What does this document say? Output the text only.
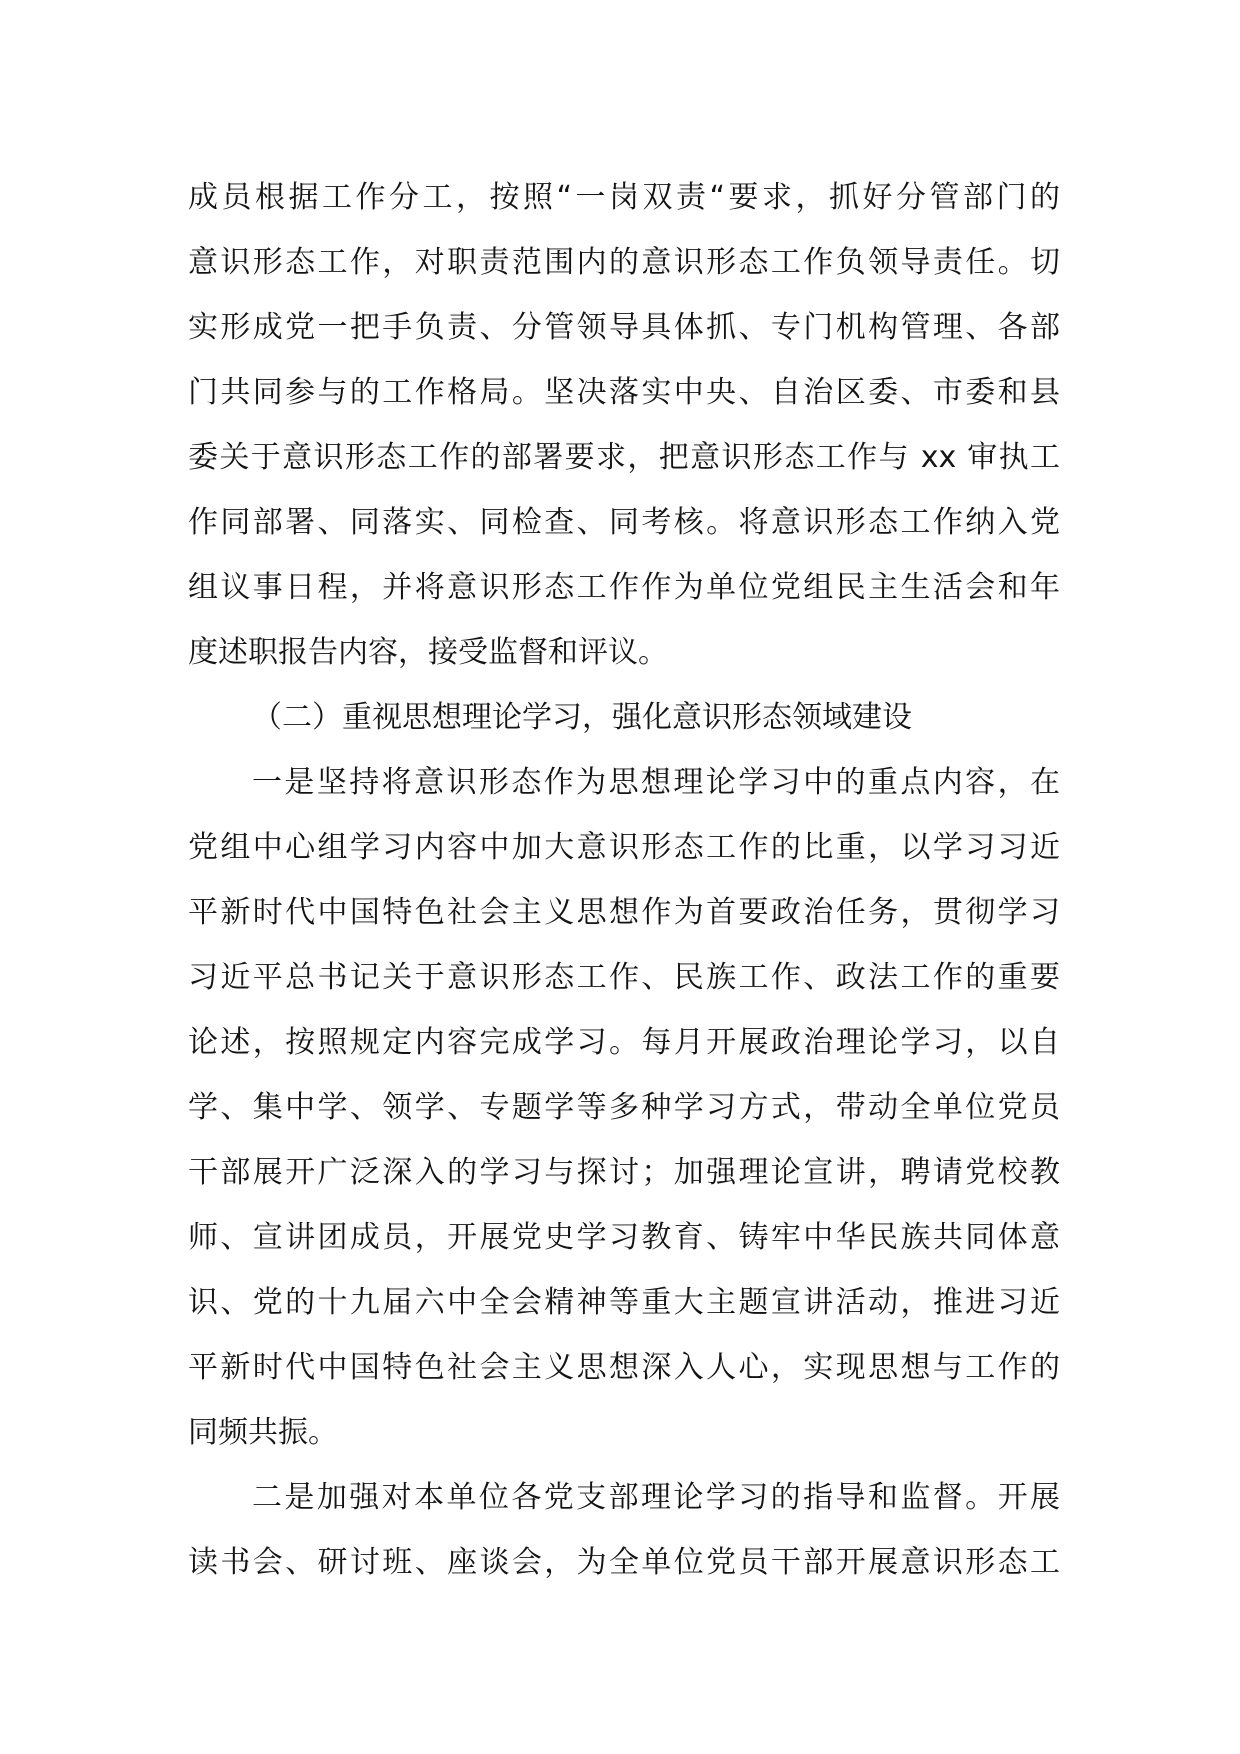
成员根据工作分工，按照“一岗双责“要求，抓好分管部门的
意识形态工作，对职责范围内的意识形态工作负领导责任。切
实形成党一把手负责、分管领导具体抓、专门机构管理、各部
门共同参与的工作格局。坚决落实中央、自治区委、市委和县
委关于意识形态工作的部署要求，把意识形态工作与 xx 审执工
作同部署、同落实、同检查、同考核。将意识形态工作纳入党
组议事日程，并将意识形态工作作为单位党组民主生活会和年
度述职报告内容，接受监督和评议。
（二）重视思想理论学习，强化意识形态领域建设
一是坚持将意识形态作为思想理论学习中的重点内容，在
党组中心组学习内容中加大意识形态工作的比重，以学习习近
平新时代中国特色社会主义思想作为首要政治任务，贯彻学习
习近平总书记关于意识形态工作、民族工作、政法工作的重要
论述，按照规定内容完成学习。每月开展政治理论学习，以自
学、集中学、领学、专题学等多种学习方式，带动全单位党员
干部展开广泛深入的学习与探讨；加强理论宣讲，聘请党校教
师、宣讲团成员，开展党史学习教育、铸牢中华民族共同体意
识、党的十九届六中全会精神等重大主题宣讲活动，推进习近
平新时代中国特色社会主义思想深入人心，实现思想与工作的
同频共振。
二是加强对本单位各党支部理论学习的指导和监督。开展
读书会、研讨班、座谈会，为全单位党员干部开展意识形态工
